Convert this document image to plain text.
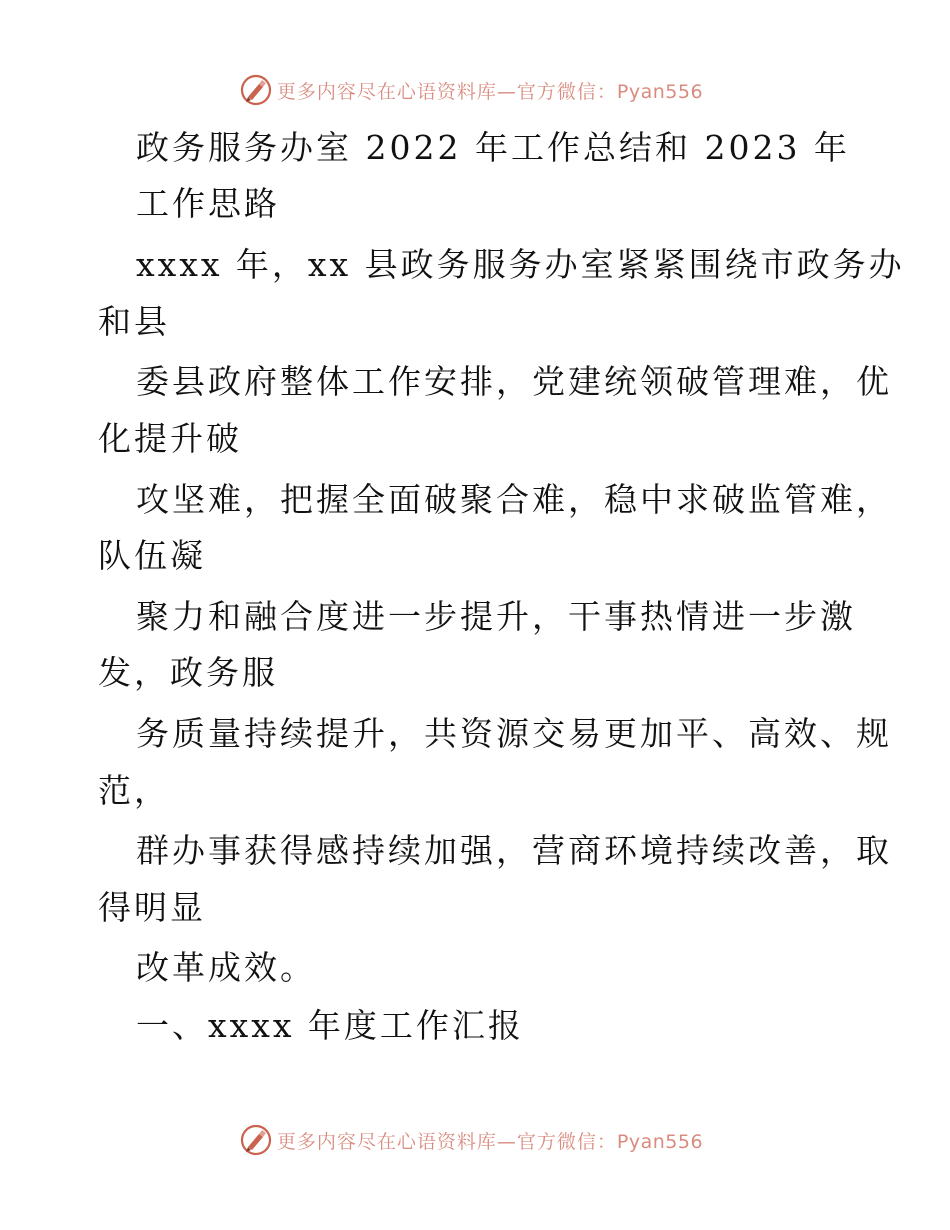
更多内容尽在心语资料库—官方微信：Pyan556
政务服务办室 2022 年工作总结和 2023 年
工作思路
xxxx 年，xx 县政务服务办室紧紧围绕市政务办
和县
委县政府整体工作安排，党建统领破管理难，优
化提升破
攻坚难，把握全面破聚合难，稳中求破监管难，
队伍凝
聚力和融合度进一步提升，干事热情进一步激
发，政务服
务质量持续提升，共资源交易更加平、高效、规
范，
群办事获得感持续加强，营商环境持续改善，取
得明显
改革成效。
一、xxxx 年度工作汇报
更多内容尽在心语资料库—官方微信：Pyan556
